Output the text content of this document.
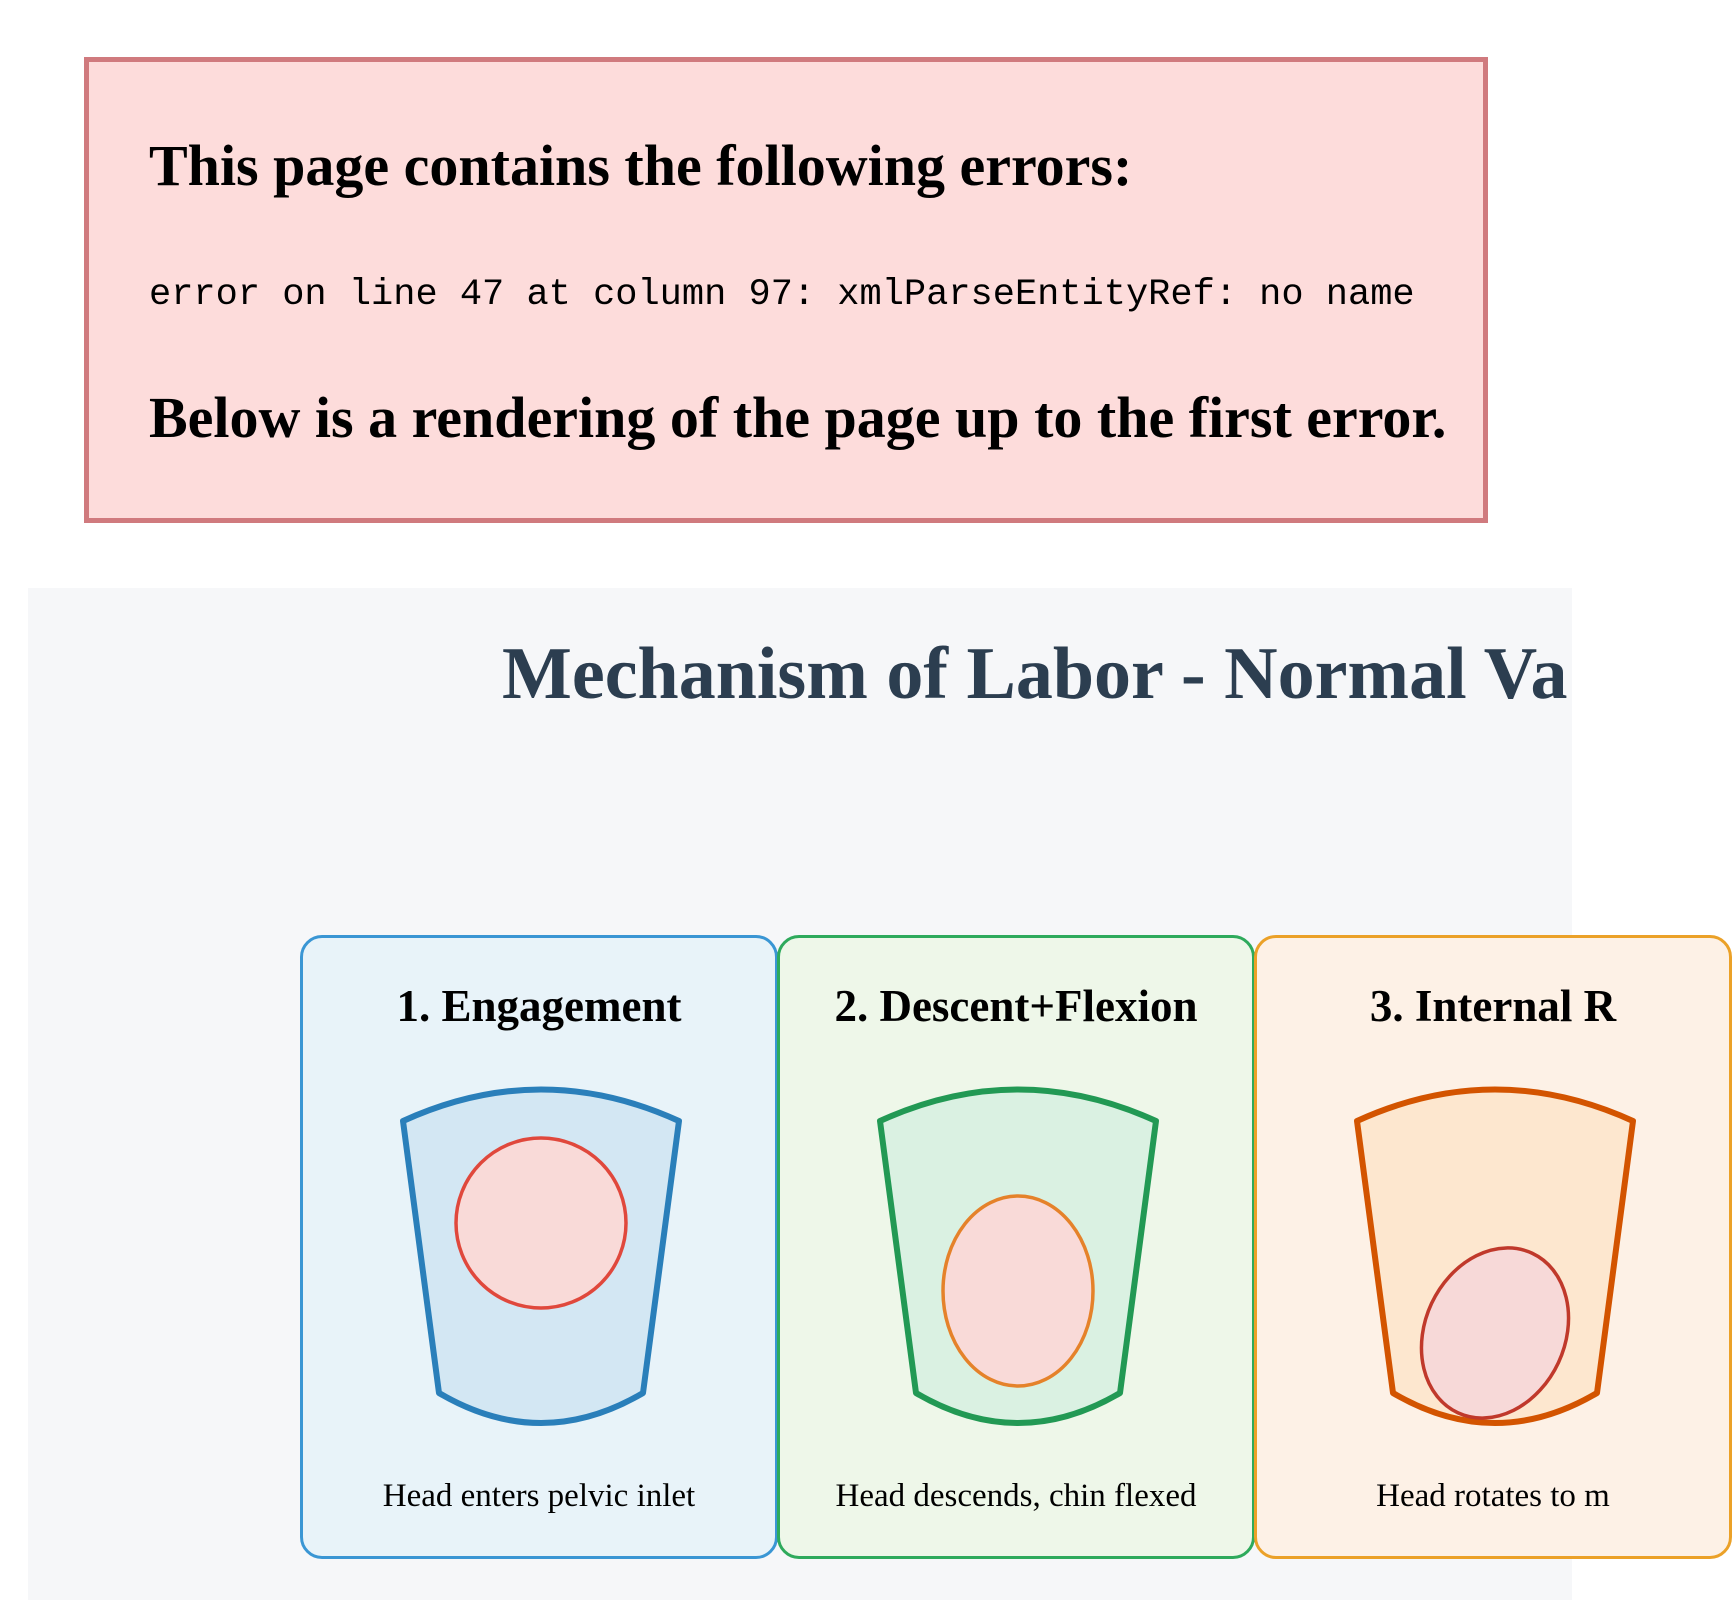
This page contains the following errors:
error on line 47 at column 97: xmlParseEntityRef: no name
Below is a rendering of the page up to the first error.
Mechanism of Labor - Normal Va
1. Engagement
Head enters pelvic inlet
2. Descent+Flexion
Head descends, chin flexed
3. Internal R
Head rotates to m
